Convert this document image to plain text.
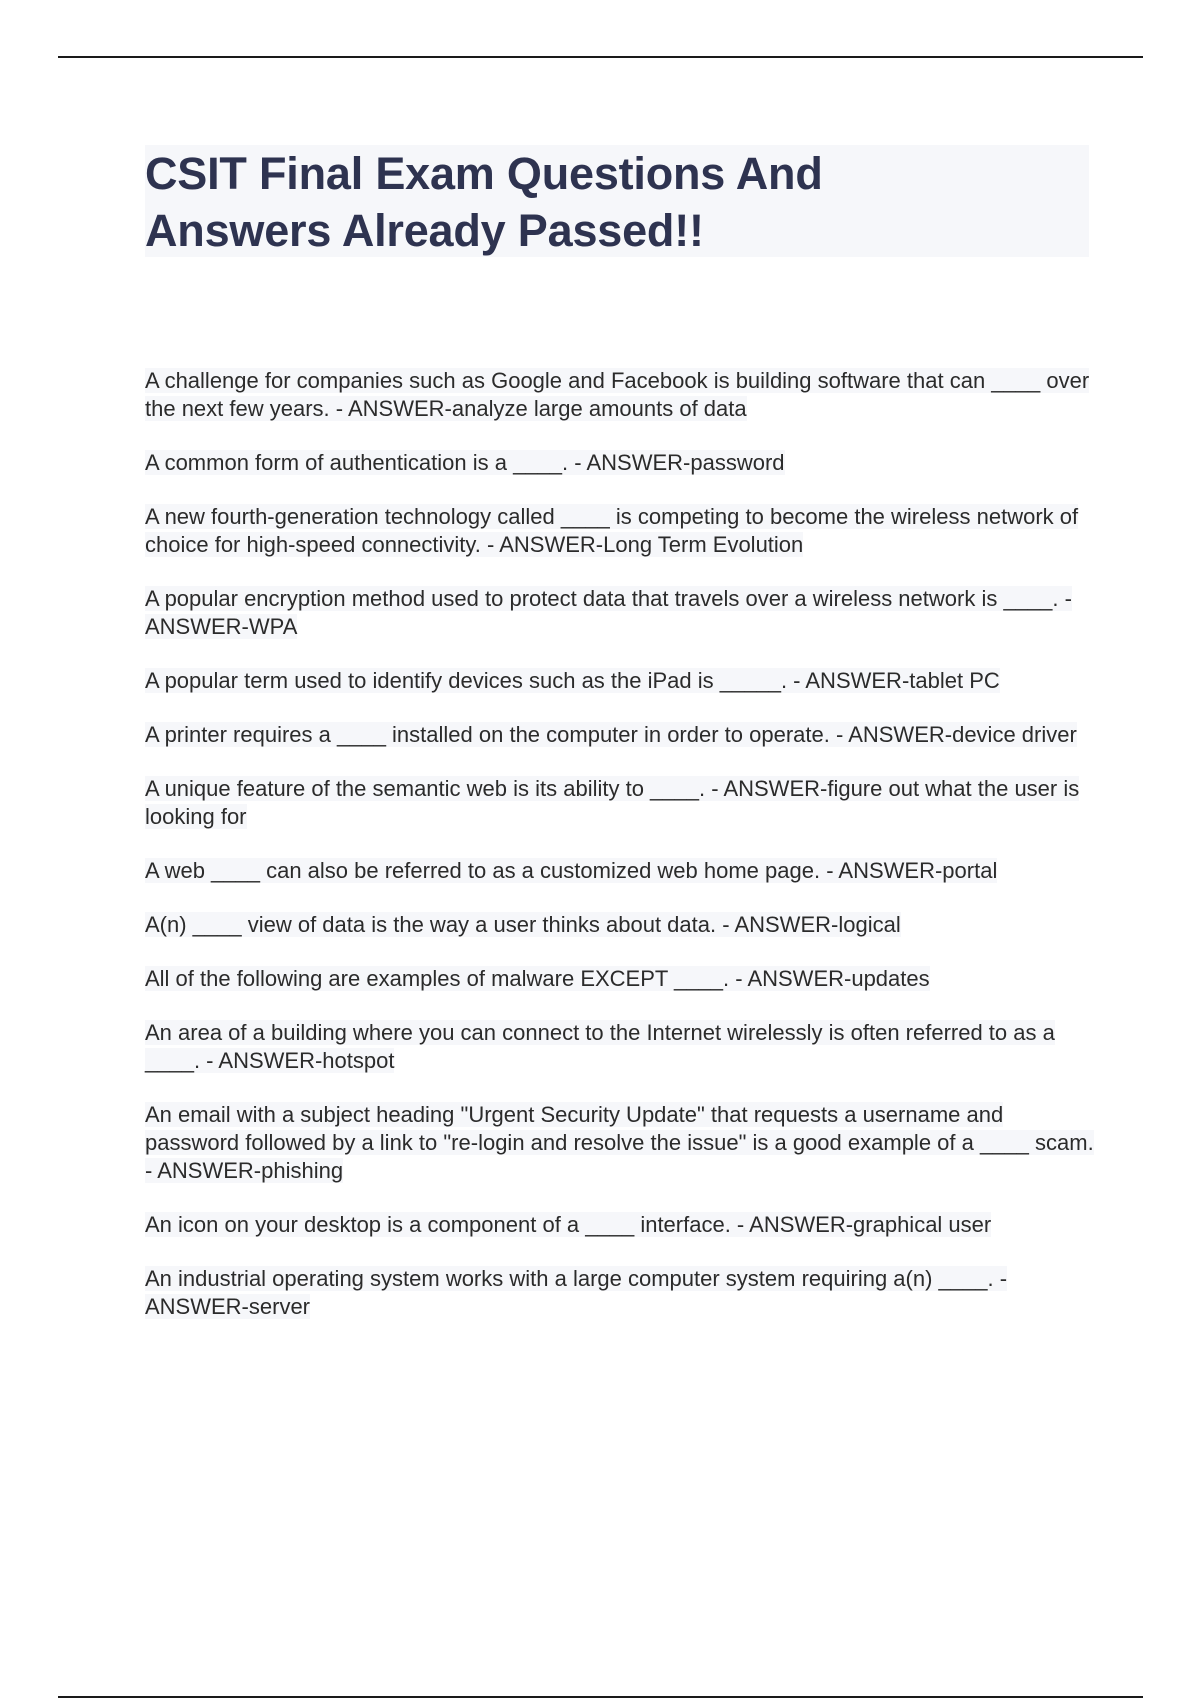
CSIT Final Exam Questions And
Answers Already Passed!!

A challenge for companies such as Google and Facebook is building software that can ____ over the next few years. - ANSWER-analyze large amounts of data

A common form of authentication is a ____. - ANSWER-password

A new fourth-generation technology called ____ is competing to become the wireless network of choice for high-speed connectivity. - ANSWER-Long Term Evolution

A popular encryption method used to protect data that travels over a wireless network is ____. - ANSWER-WPA

A popular term used to identify devices such as the iPad is _____. - ANSWER-tablet PC

A printer requires a ____ installed on the computer in order to operate. - ANSWER-device driver

A unique feature of the semantic web is its ability to ____. - ANSWER-figure out what the user is looking for

A web ____ can also be referred to as a customized web home page. - ANSWER-portal

A(n) ____ view of data is the way a user thinks about data. - ANSWER-logical

All of the following are examples of malware EXCEPT ____. - ANSWER-updates

An area of a building where you can connect to the Internet wirelessly is often referred to as a ____. - ANSWER-hotspot

An email with a subject heading "Urgent Security Update" that requests a username and password followed by a link to "re-login and resolve the issue" is a good example of a ____ scam. - ANSWER-phishing

An icon on your desktop is a component of a ____ interface. - ANSWER-graphical user

An industrial operating system works with a large computer system requiring a(n) ____. - ANSWER-server
